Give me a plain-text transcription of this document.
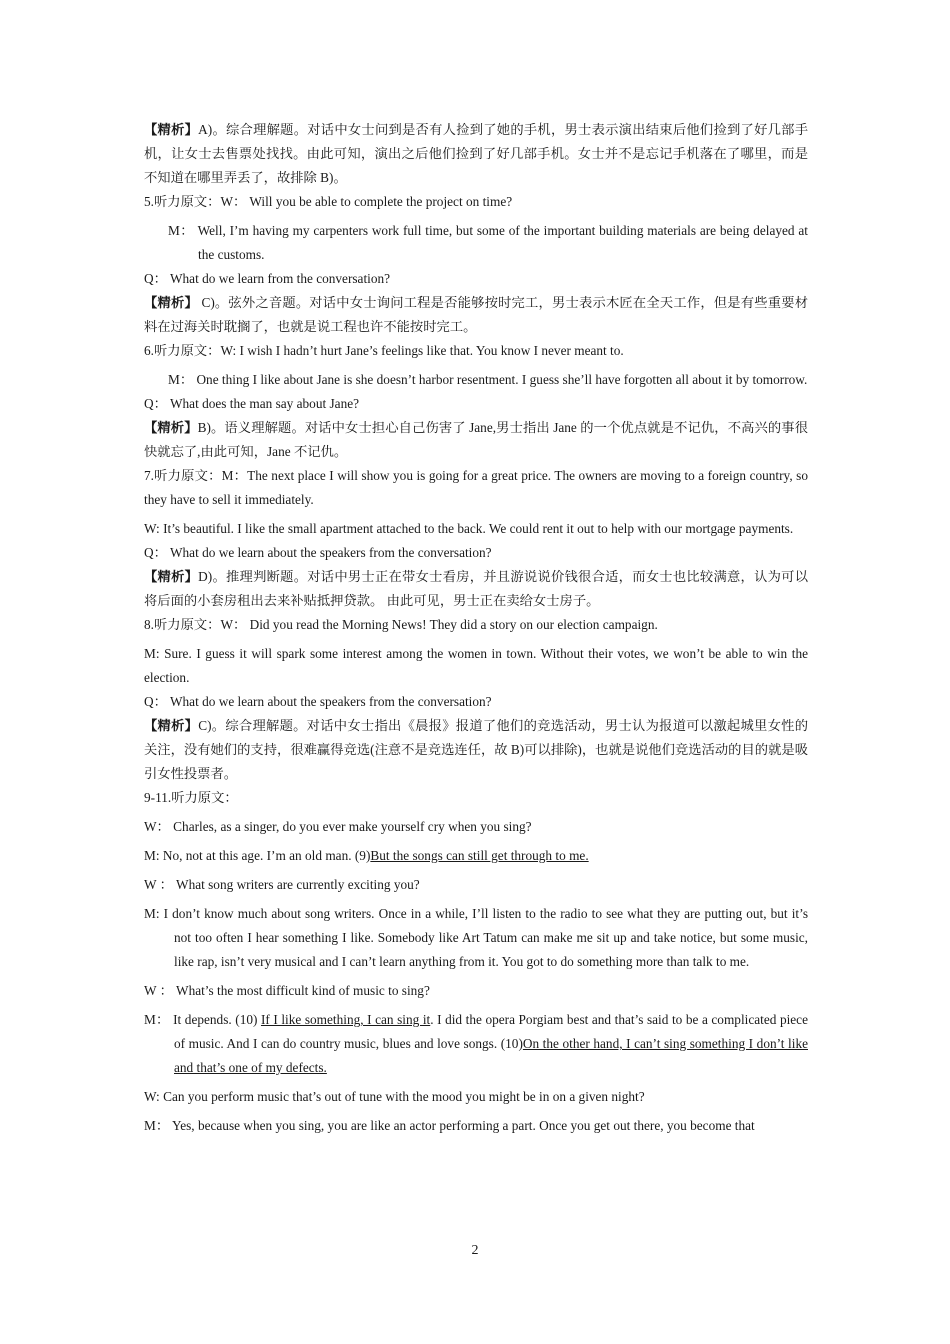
【精析】A)。综合理解题。对话中女士问到是否有人捡到了她的手机，男士表示演出结束后他们捡到了好几部手机，让女士去售票处找找。由此可知，演出之后他们捡到了好几部手机。女士并不是忘记手机落在了哪里，而是不知道在哪里弄丢了，故排除 B)。

5.听力原文：W： Will you be able to complete the project on time?

M： Well, I’m having my carpenters work full time, but some of the important building materials are being delayed at the customs.

Q： What do we learn from the conversation?

【精析】 C)。弦外之音题。对话中女士询问工程是否能够按时完工，男士表示木匠在全天工作，但是有些重要材料在过海关时耽搁了，也就是说工程也许不能按时完工。

6.听力原文：W: I wish I hadn’t hurt Jane’s feelings like that. You know I never meant to.

M： One thing I like about Jane is she doesn’t harbor resentment. I guess she’ll have forgotten all about it by tomorrow.

Q： What does the man say about Jane?

【精析】B)。语义理解题。对话中女士担心自己伤害了 Jane,男士指出 Jane 的一个优点就是不记仇，不高兴的事很快就忘了,由此可知，Jane 不记仇。

7.听力原文：M：The next place I will show you is going for a great price. The owners are moving to a foreign country, so they have to sell it immediately.

W: It’s beautiful. I like the small apartment attached to the back. We could rent it out to help with our mortgage payments.

Q： What do we learn about the speakers from the conversation?

【精析】D)。推理判断题。对话中男士正在带女士看房，并且游说说价钱很合适，而女士也比较满意，认为可以将后面的小套房租出去来补贴抵押贷款。 由此可见，男士正在卖给女士房子。

8.听力原文：W： Did you read the Morning News! They did a story on our election campaign.

M: Sure. I guess it will spark some interest among the women in town. Without their votes, we won’t be able to win the election.

Q： What do we learn about the speakers from the conversation?

【精析】C)。综合理解题。对话中女士指出《晨报》报道了他们的竞选活动，男士认为报道可以激起城里女性的关注，没有她们的支持，很难赢得竞选(注意不是竞选连任，故 B)可以排除)，也就是说他们竞选活动的目的就是吸引女性投票者。

9-11.听力原文：

W： Charles, as a singer, do you ever make yourself cry when you sing?

M: No, not at this age. I’m an old man. (9)But the songs can still get through to me.

W ： What song writers are currently exciting you?

M: I don’t know much about song writers. Once in a while, I’ll listen to the radio to see what they are putting out, but it’s not too often I hear something I like. Somebody like Art Tatum can make me sit up and take notice, but some music, like rap, isn’t very musical and I can’t learn anything from it. You got to do something more than talk to me.

W ： What’s the most difficult kind of music to sing?

M： It depends. (10) If I like something, I can sing it. I did the opera Porgiam best and that’s said to be a complicated piece of music. And I can do country music, blues and love songs. (10)On the other hand, I can’t sing something I don’t like and that’s one of my defects.

W: Can you perform music that’s out of tune with the mood you might be in on a given night?

M： Yes, because when you sing, you are like an actor performing a part. Once you get out there, you become that

2
